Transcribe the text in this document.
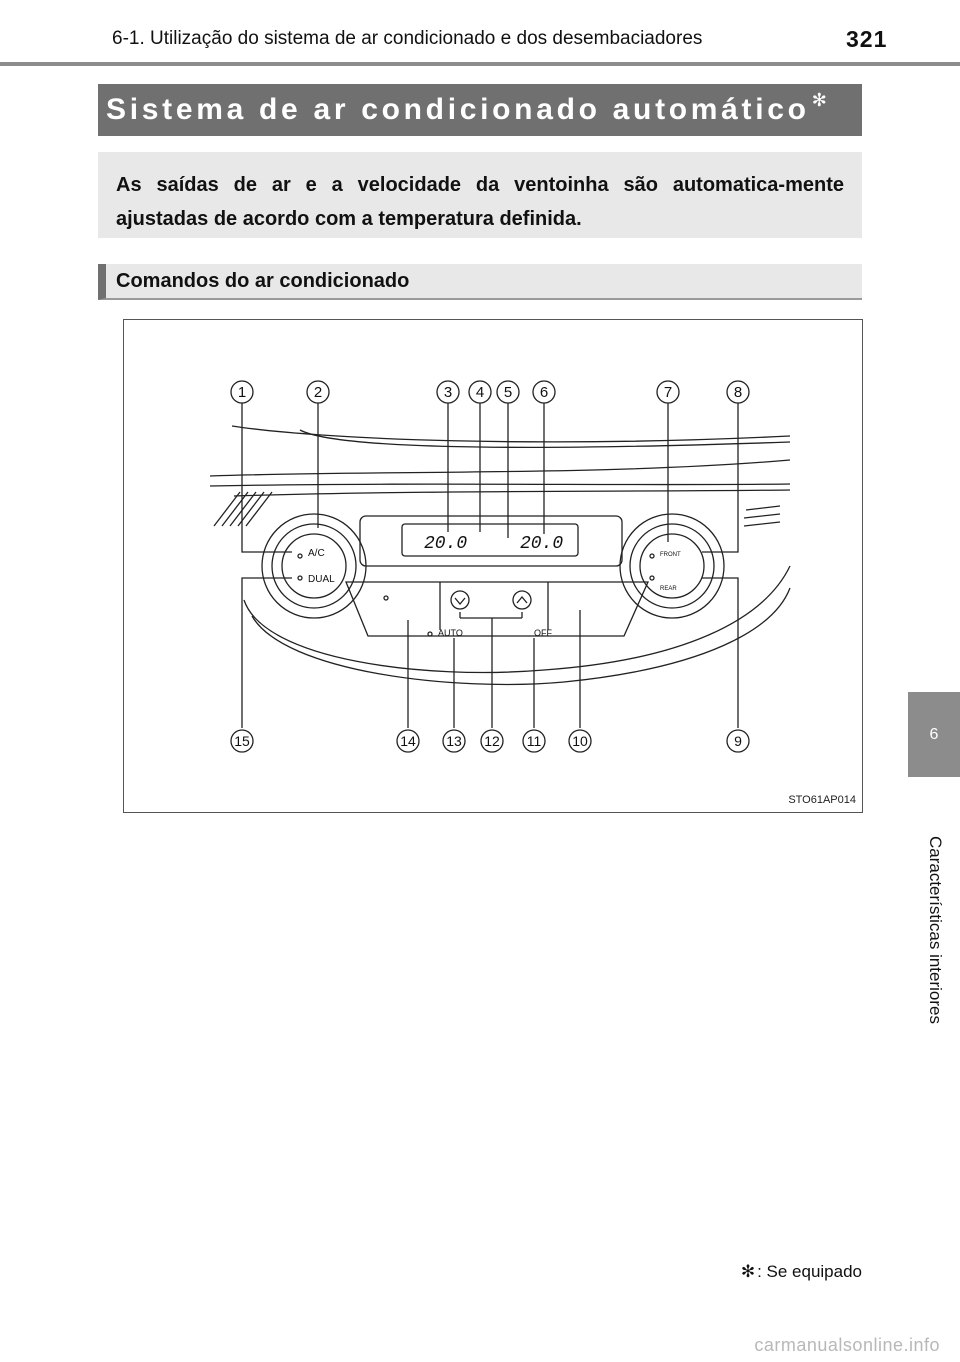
6-1. Utilização do sistema de ar condicionado e dos desembaciadores	321
6
Características interiores
Sistema de ar condicionado automático ✻
As saídas de ar e a velocidade da ventoinha são automatica-mente ajustadas de acordo com a temperatura definida.
Comandos do ar condicionado
A/C
DUAL
AUTO	OFF
FRONT
REAR
20.0	20.0
1	2	3 4 5 6	7	8
15	14 13 12 11 10	9
STO61AP014
✻ : Se equipado
carmanualsonline.info
